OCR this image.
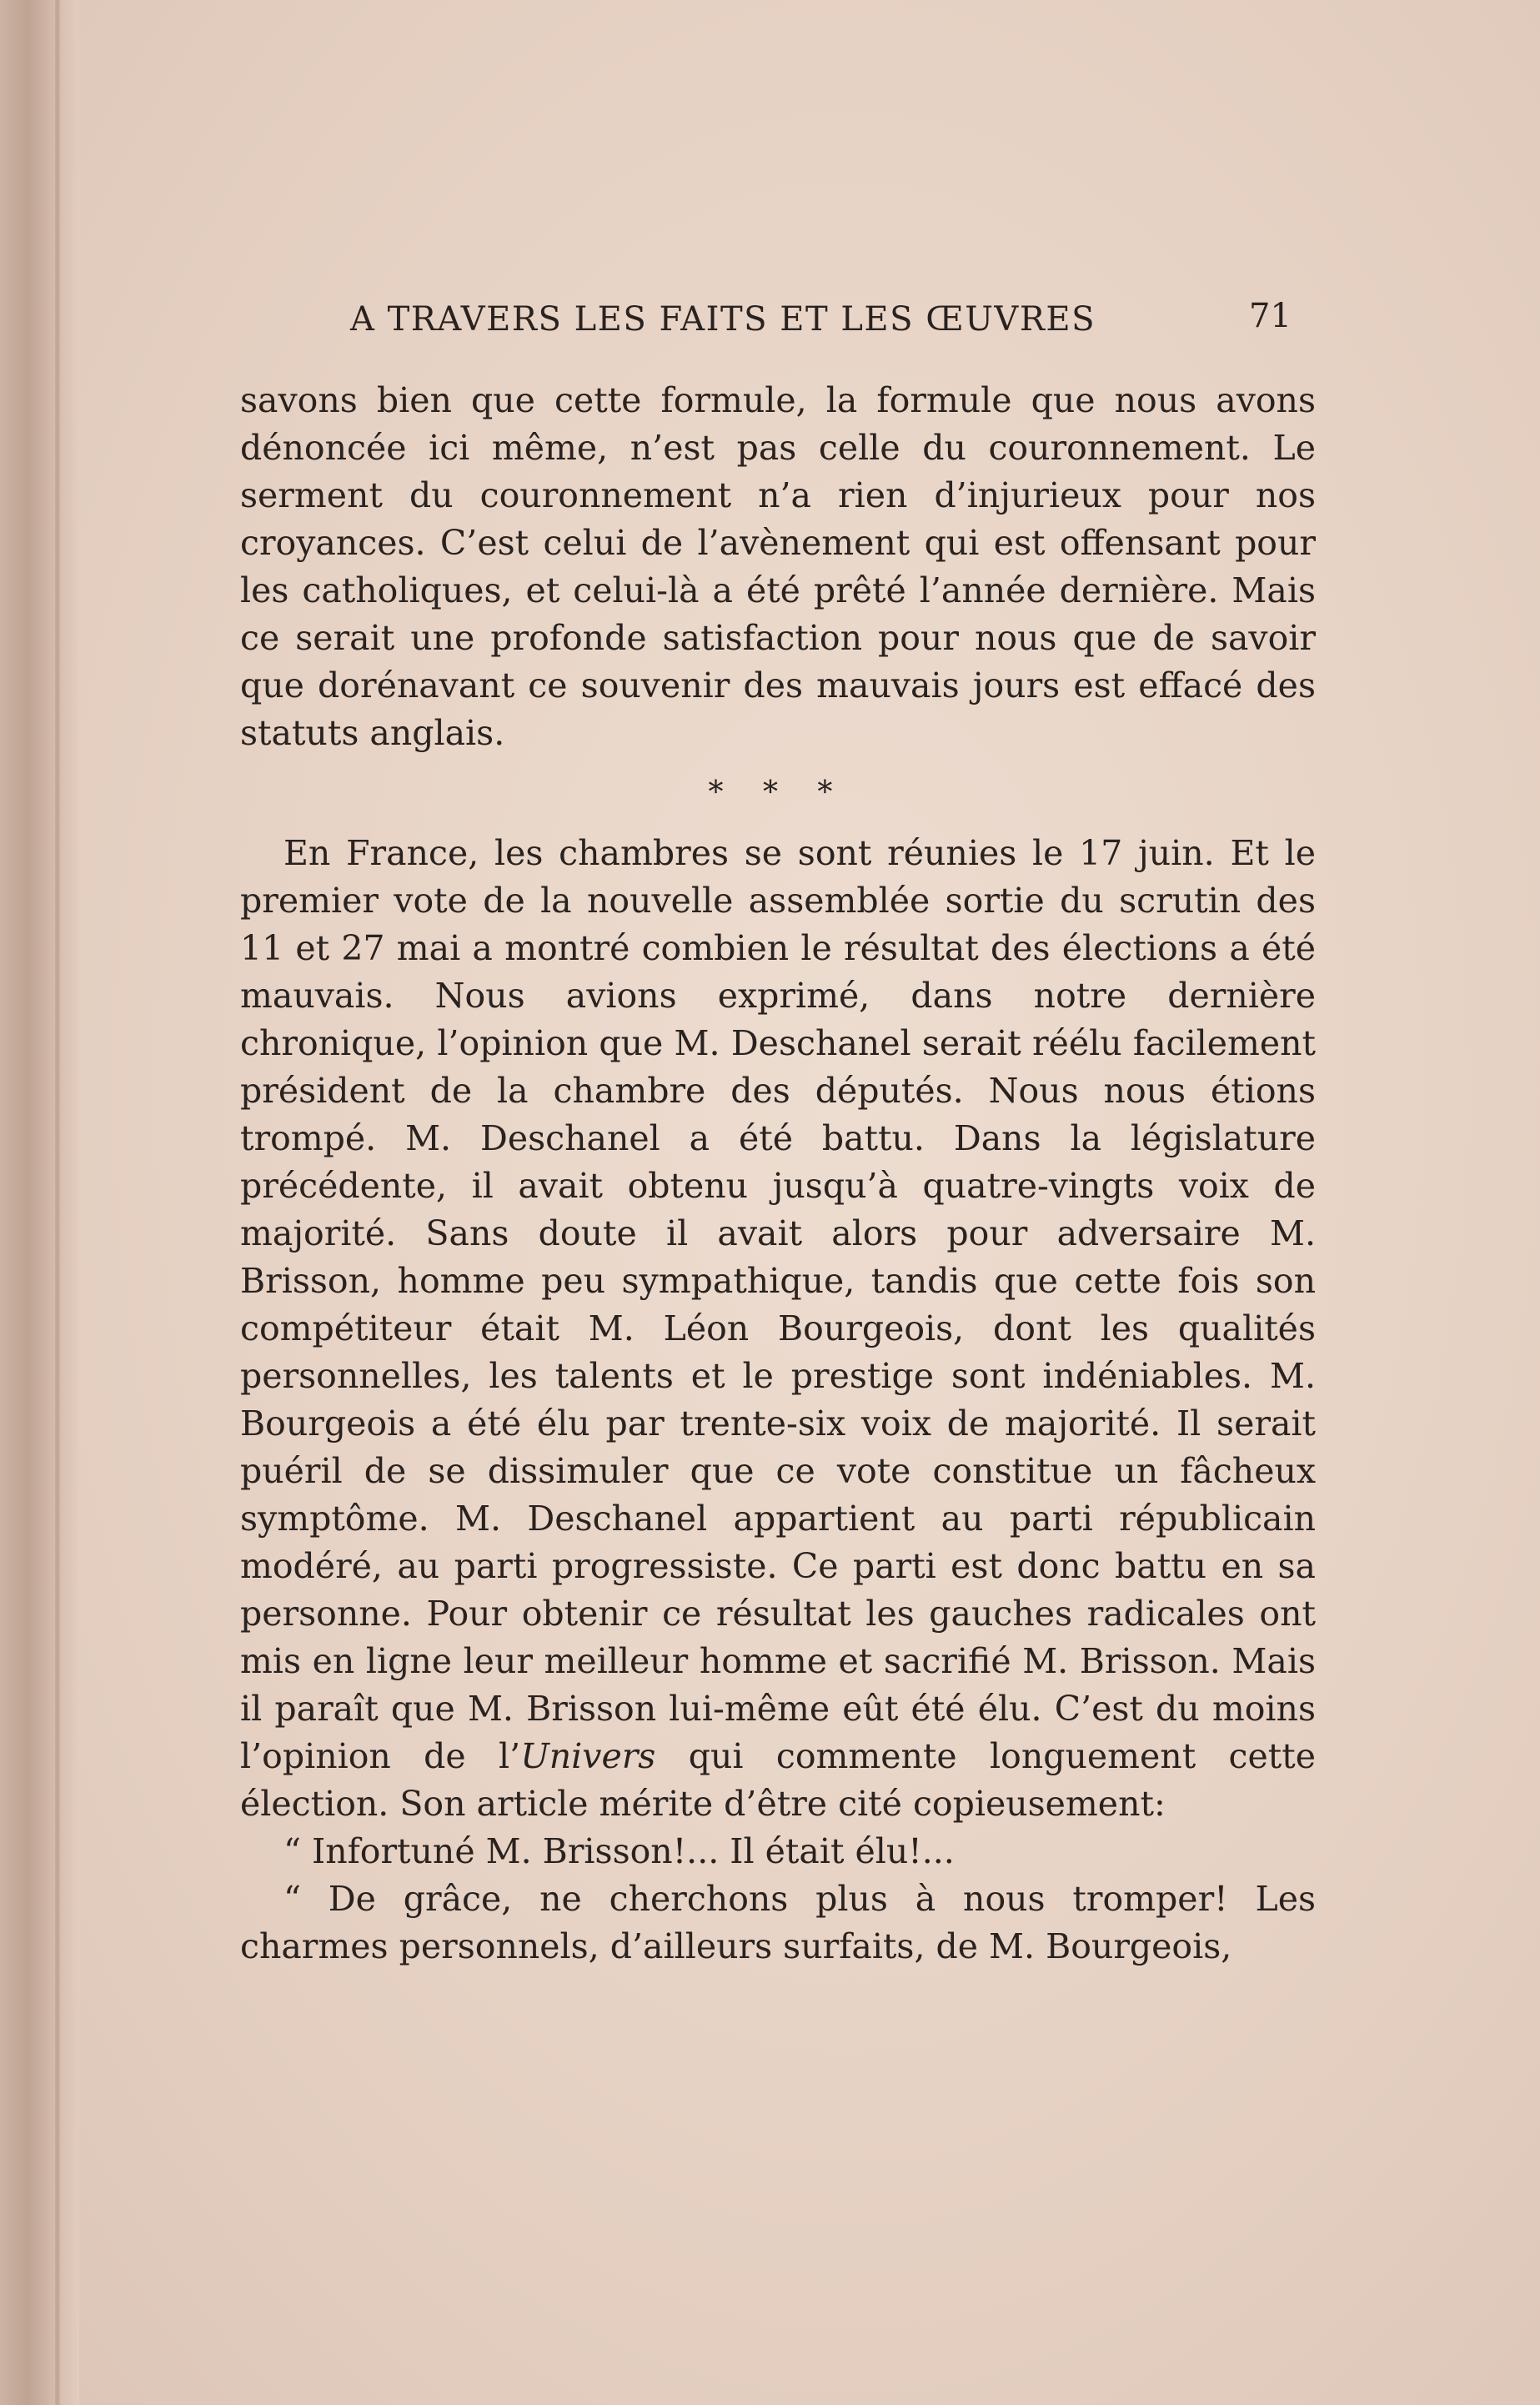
A TRAVERS LES FAITS ET LES ŒUVRES	71

savons bien que cette formule, la formule que nous avons dénoncée ici même, n’est pas celle du couronnement. Le serment du couronnement n’a rien d’injurieux pour nos croyances. C’est celui de l’avènement qui est offensant pour les catholiques, et celui-là a été prêté l’année dernière. Mais ce serait une profonde satisfaction pour nous que de savoir que dorénavant ce souvenir des mauvais jours est effacé des statuts anglais.

* * *

En France, les chambres se sont réunies le 17 juin. Et le premier vote de la nouvelle assemblée sortie du scrutin des 11 et 27 mai a montré combien le résultat des élections a été mauvais. Nous avions exprimé, dans notre dernière chronique, l’opinion que M. Deschanel serait réélu facilement président de la chambre des députés. Nous nous étions trompé. M. Deschanel a été battu. Dans la législature précédente, il avait obtenu jusqu’à quatre-vingts voix de majorité. Sans doute il avait alors pour adversaire M. Brisson, homme peu sympathique, tandis que cette fois son compétiteur était M. Léon Bourgeois, dont les qualités personnelles, les talents et le prestige sont indéniables. M. Bourgeois a été élu par trente-six voix de majorité. Il serait puéril de se dissimuler que ce vote constitue un fâcheux symptôme. M. Deschanel appartient au parti républicain modéré, au parti progressiste. Ce parti est donc battu en sa personne. Pour obtenir ce résultat les gauches radicales ont mis en ligne leur meilleur homme et sacrifié M. Brisson. Mais il paraît que M. Brisson lui-même eût été élu. C’est du moins l’opinion de l’Univers qui commente longuement cette élection. Son article mérite d’être cité copieusement:

“ Infortuné M. Brisson!... Il était élu!...

“ De grâce, ne cherchons plus à nous tromper! Les charmes personnels, d’ailleurs surfaits, de M. Bourgeois,
